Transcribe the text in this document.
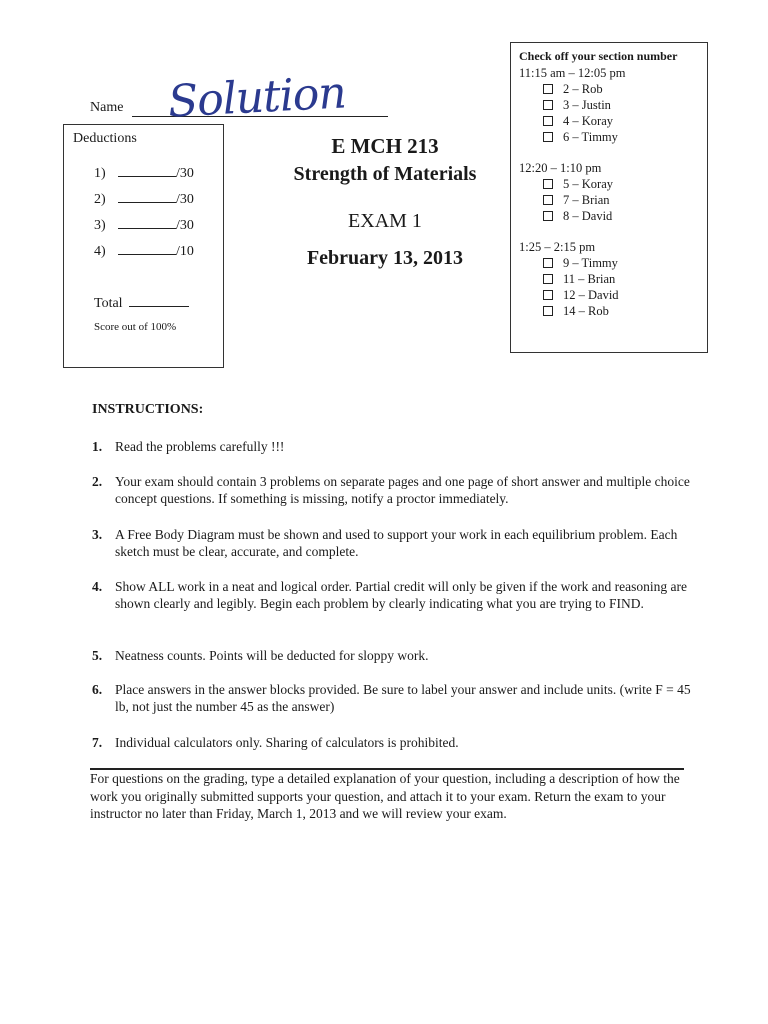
Name Solution
Deductions
1)	/30
2)	/30
3)	/30
4)	/10
Total
Score out of 100%
E MCH 213
Strength of Materials
EXAM 1
February 13, 2013
Check off your section number
11:15 am – 12:05 pm
2 – Rob
3 – Justin
4 – Koray
6 – Timmy
12:20 – 1:10 pm
5 – Koray
7 – Brian
8 – David
1:25 – 2:15 pm
9 – Timmy
11 – Brian
12 – David
14 – Rob
INSTRUCTIONS:
1. Read the problems carefully !!!
2. Your exam should contain 3 problems on separate pages and one page of short answer and multiple choice concept questions. If something is missing, notify a proctor immediately.
3. A Free Body Diagram must be shown and used to support your work in each equilibrium problem. Each sketch must be clear, accurate, and complete.
4. Show ALL work in a neat and logical order. Partial credit will only be given if the work and reasoning are shown clearly and legibly. Begin each problem by clearly indicating what you are trying to FIND.
5. Neatness counts. Points will be deducted for sloppy work.
6. Place answers in the answer blocks provided. Be sure to label your answer and include units. (write F = 45 lb, not just the number 45 as the answer)
7. Individual calculators only. Sharing of calculators is prohibited.
For questions on the grading, type a detailed explanation of your question, including a description of how the work you originally submitted supports your question, and attach it to your exam. Return the exam to your instructor no later than Friday, March 1, 2013 and we will review your exam.
